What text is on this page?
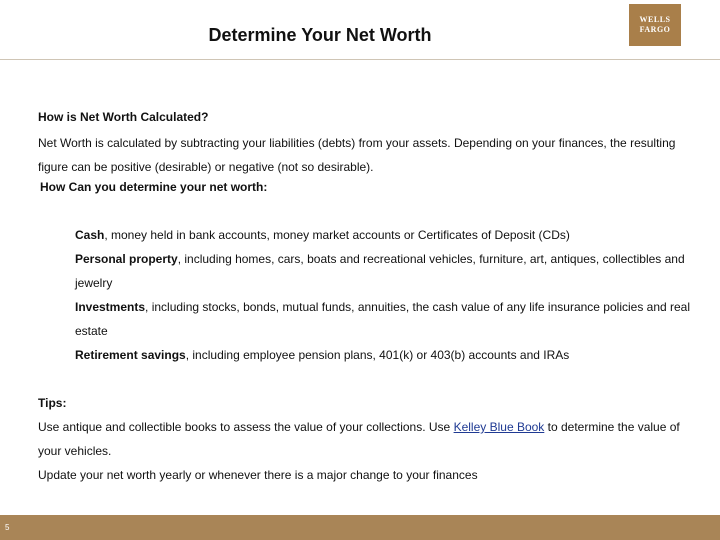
Determine Your Net Worth
WELLS
FARGO
How is Net Worth Calculated?
Net Worth is calculated by subtracting your liabilities (debts) from your assets. Depending on your finances, the resulting
figure can be positive (desirable) or negative (not so desirable).
How Can you determine your net worth:
Cash, money held in bank accounts, money market accounts or Certificates of Deposit (CDs)
Personal property, including homes, cars, boats and recreational vehicles, furniture, art, antiques, collectibles and
jewelry
Investments, including stocks, bonds, mutual funds, annuities, the cash value of any life insurance policies and real
estate
Retirement savings, including employee pension plans, 401(k) or 403(b) accounts and IRAs
Tips:
Use antique and collectible books to assess the value of your collections. Use Kelley Blue Book to determine the value of
your vehicles.
Update your net worth yearly or whenever there is a major change to your finances
5
